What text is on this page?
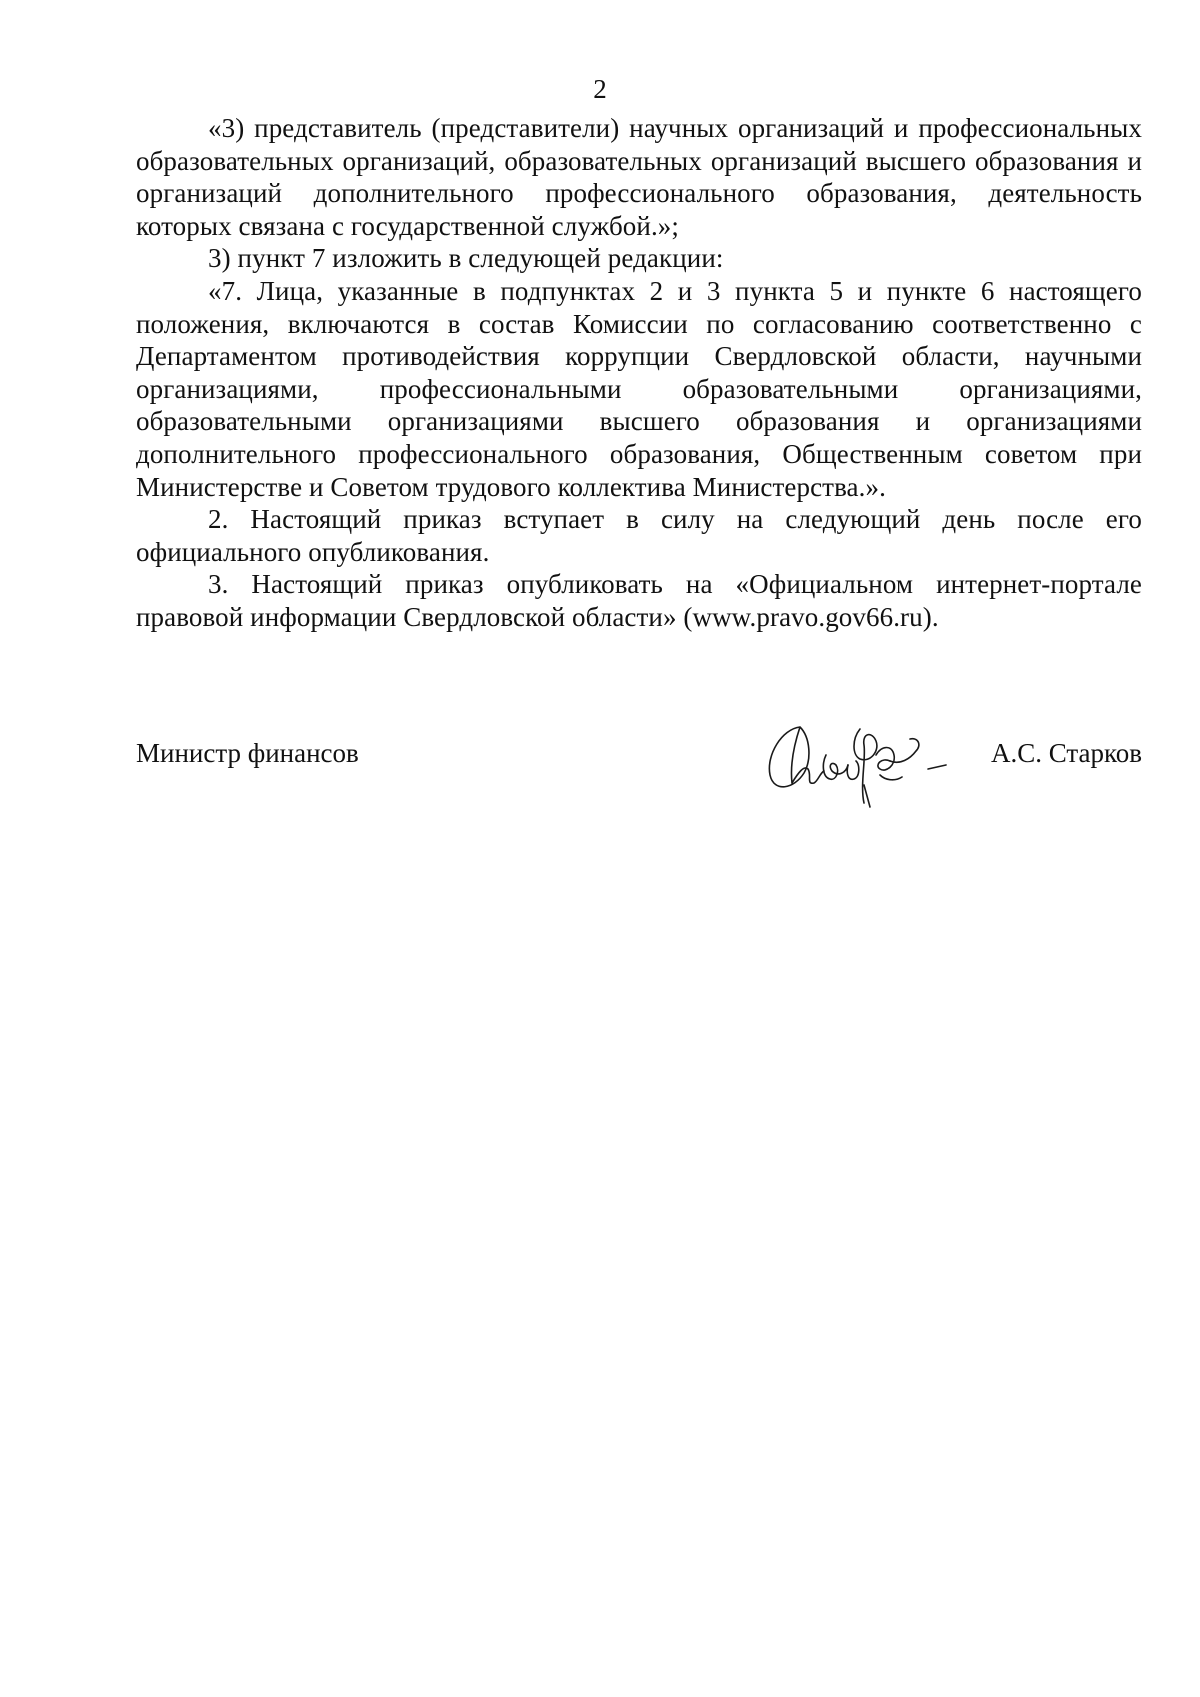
2

«3) представитель (представители) научных организаций и профессиональных образовательных организаций, образовательных организаций высшего образования и организаций дополнительного профессионального образования, деятельность которых связана с государственной службой.»;

3) пункт 7 изложить в следующей редакции:

«7. Лица, указанные в подпунктах 2 и 3 пункта 5 и пункте 6 настоящего положения, включаются в состав Комиссии по согласованию соответственно с Департаментом противодействия коррупции Свердловской области, научными организациями, профессиональными образовательными организациями, образовательными организациями высшего образования и организациями дополнительного профессионального образования, Общественным советом при Министерстве и Советом трудового коллектива Министерства.».

2. Настоящий приказ вступает в силу на следующий день после его официального опубликования.

3. Настоящий приказ опубликовать на «Официальном интернет-портале правовой информации Свердловской области» (www.pravo.gov66.ru).

Министр финансов	А.С. Старков
